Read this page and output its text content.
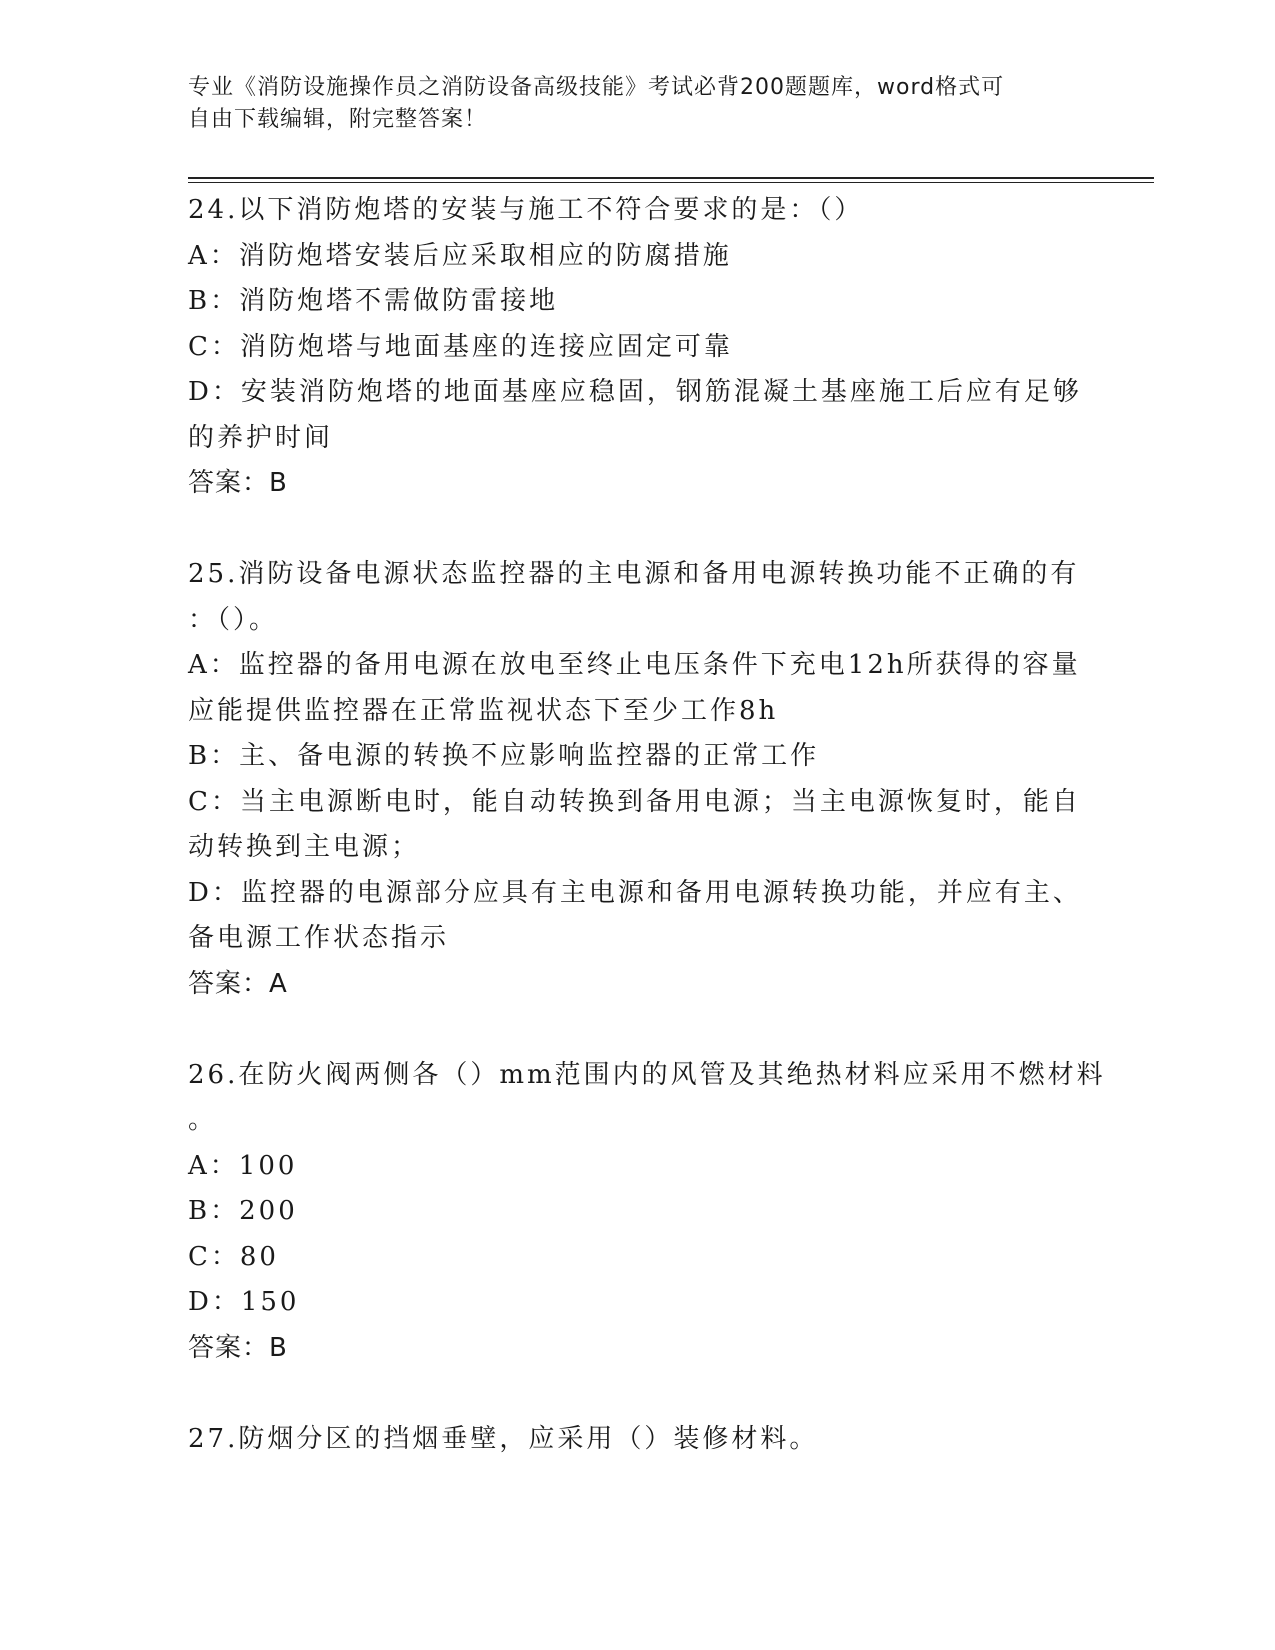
专业《消防设施操作员之消防设备高级技能》考试必背200题题库，word格式可

自由下载编辑，附完整答案！

24.以下消防炮塔的安装与施工不符合要求的是：（）

A：消防炮塔安装后应采取相应的防腐措施

B：消防炮塔不需做防雷接地

C：消防炮塔与地面基座的连接应固定可靠

D：安装消防炮塔的地面基座应稳固，钢筋混凝土基座施工后应有足够

的养护时间

答案：B

25.消防设备电源状态监控器的主电源和备用电源转换功能不正确的有

：（）。

A：监控器的备用电源在放电至终止电压条件下充电12h所获得的容量

应能提供监控器在正常监视状态下至少工作8h

B：主、备电源的转换不应影响监控器的正常工作

C：当主电源断电时，能自动转换到备用电源；当主电源恢复时，能自

动转换到主电源；

D：监控器的电源部分应具有主电源和备用电源转换功能，并应有主、

备电源工作状态指示

答案：A

26.在防火阀两侧各（）mm范围内的风管及其绝热材料应采用不燃材料

。

A：100

B：200

C：80

D：150

答案：B

27.防烟分区的挡烟垂壁，应采用（）装修材料。
